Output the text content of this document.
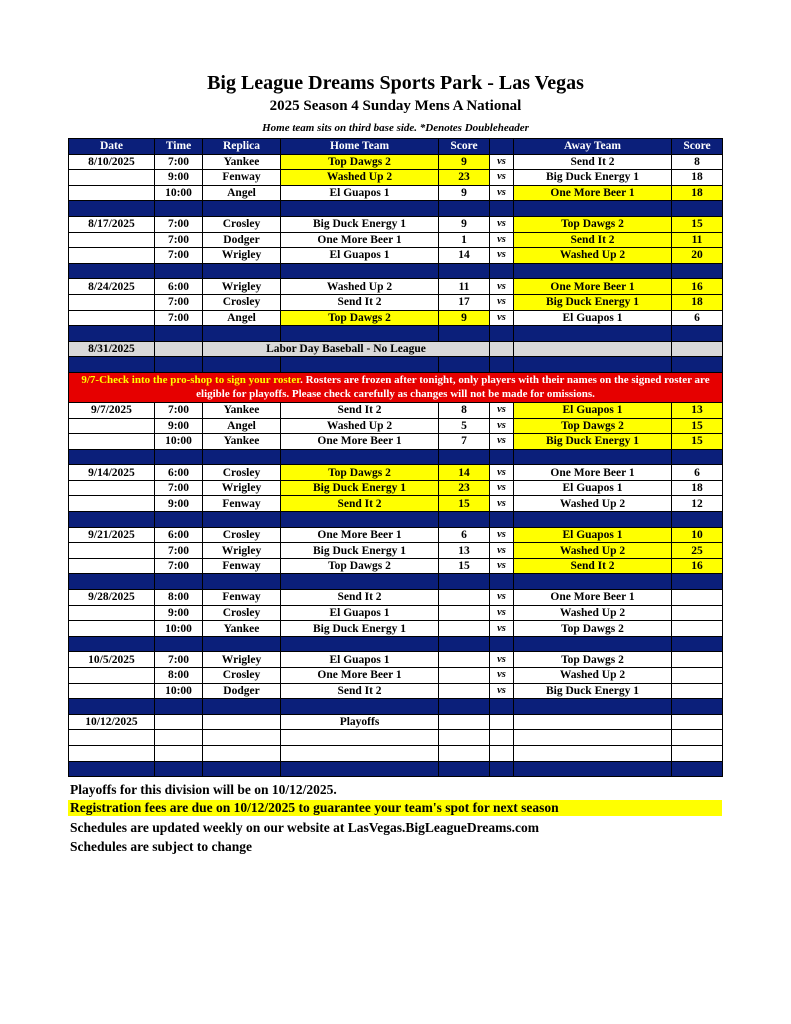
Big League Dreams Sports Park - Las Vegas
2025 Season 4 Sunday Mens A National
Home team sits on third base side. *Denotes Doubleheader
Date	Time	Replica	Home Team	Score		Away Team	Score
8/10/2025	7:00	Yankee	Top Dawgs 2	9	vs	Send It 2	8
	9:00	Fenway	Washed Up 2	23	vs	Big Duck Energy 1	18
	10:00	Angel	El Guapos 1	9	vs	One More Beer 1	18

8/17/2025	7:00	Crosley	Big Duck Energy 1	9	vs	Top Dawgs 2	15
	7:00	Dodger	One More Beer 1	1	vs	Send It 2	11
	7:00	Wrigley	El Guapos 1	14	vs	Washed Up 2	20

8/24/2025	6:00	Wrigley	Washed Up 2	11	vs	One More Beer 1	16
	7:00	Crosley	Send It 2	17	vs	Big Duck Energy 1	18
	7:00	Angel	Top Dawgs 2	9	vs	El Guapos 1	6

8/31/2025		Labor Day Baseball - No League					

9/7-Check into the pro-shop to sign your roster. Rosters are frozen after tonight, only players with their names on the signed roster are eligible for playoffs. Please check carefully as changes will not be made for omissions.							
9/7/2025	7:00	Yankee	Send It 2	8	vs	El Guapos 1	13
	9:00	Angel	Washed Up 2	5	vs	Top Dawgs 2	15
	10:00	Yankee	One More Beer 1	7	vs	Big Duck Energy 1	15

9/14/2025	6:00	Crosley	Top Dawgs 2	14	vs	One More Beer 1	6
	7:00	Wrigley	Big Duck Energy 1	23	vs	El Guapos 1	18
	9:00	Fenway	Send It 2	15	vs	Washed Up 2	12

9/21/2025	6:00	Crosley	One More Beer 1	6	vs	El Guapos 1	10
	7:00	Wrigley	Big Duck Energy 1	13	vs	Washed Up 2	25
	7:00	Fenway	Top Dawgs 2	15	vs	Send It 2	16

9/28/2025	8:00	Fenway	Send It 2		vs	One More Beer 1	
	9:00	Crosley	El Guapos 1		vs	Washed Up 2	
	10:00	Yankee	Big Duck Energy 1		vs	Top Dawgs 2	

10/5/2025	7:00	Wrigley	El Guapos 1		vs	Top Dawgs 2	
	8:00	Crosley	One More Beer 1		vs	Washed Up 2	
	10:00	Dodger	Send It 2		vs	Big Duck Energy 1	

10/12/2025			Playoffs				

Playoffs for this division will be on 10/12/2025.
Registration fees are due on 10/12/2025 to guarantee your team's spot for next season
Schedules are updated weekly on our website at LasVegas.BigLeagueDreams.com
Schedules are subject to change
